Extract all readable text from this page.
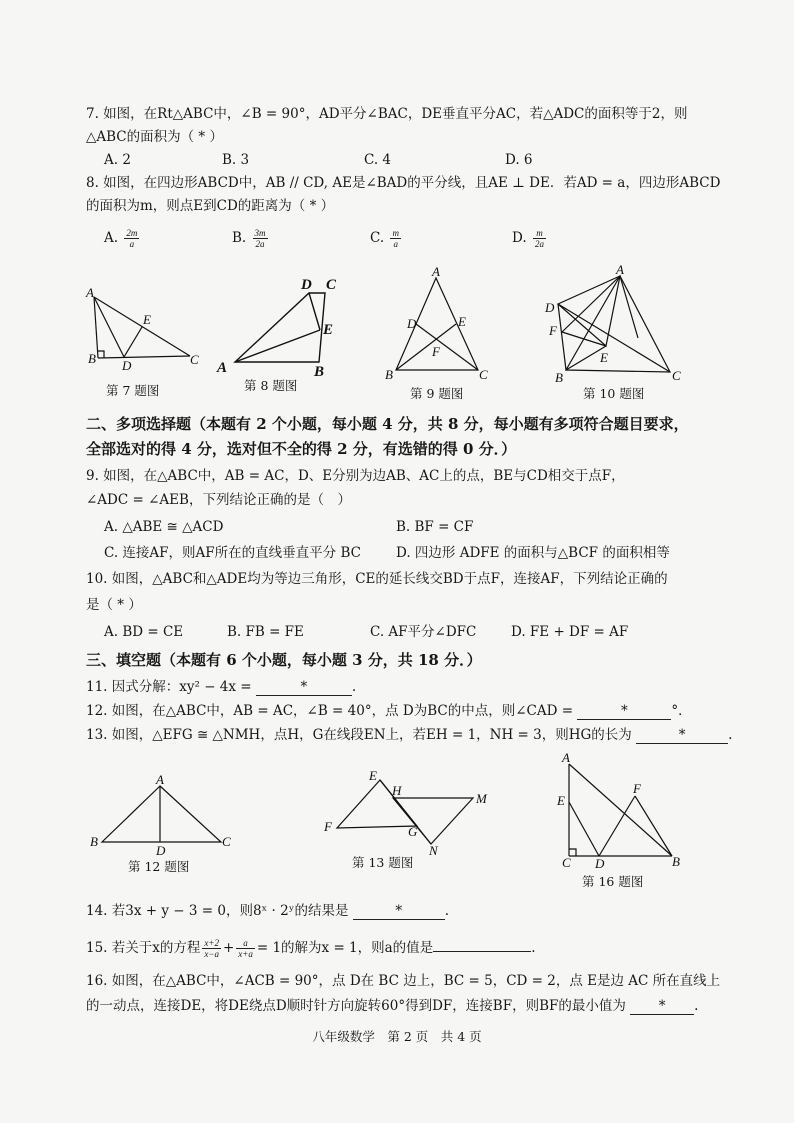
7. 如图，在Rt△ABC中，∠B = 90°，AD平分∠BAC，DE垂直平分AC，若△ADC的面积等于2，则
△ABC的面积为（ * ）
A. 2	B. 3	C. 4	D. 6
8. 如图，在四边形ABCD中，AB // CD, AE是∠BAD的平分线，且AE ⊥ DE．若AD = a，四边形ABCD
的面积为m，则点E到CD的距离为（ * ）
A. $\frac{2m}{a}$	B. $\frac{3m}{2a}$	C. $\frac{m}{a}$	D. $\frac{m}{2a}$
A
E
B D	C
D C
E
A	B
A
D	E
F
B	C
A
D
F
E
B	C
第 7 题图	第 8 题图
第 9 题图	第 10 题图
二、多项选择题（本题有 2 个小题，每小题 4 分，共 8 分，每小题有多项符合题目要求，
全部选对的得 4 分，选对但不全的得 2 分，有选错的得 0 分．）
9. 如图，在△ABC中，AB = AC，D、E分别为边AB、AC上的点，BE与CD相交于点F，
∠ADC = ∠AEB，下列结论正确的是（　）
A. △ABE ≅ △ACD	B. BF = CF
C. 连接AF，则AF所在的直线垂直平分 BC	D. 四边形 ADFE 的面积与△BCF 的面积相等
10. 如图，△ABC和△ADE均为等边三角形，CE的延长线交BD于点F，连接AF，下列结论正确的
是（ * ）
A. BD = CE	B. FB = FE	C. AF平分∠DFC	D. FE + DF = AF
三、填空题（本题有 6 个小题，每小题 3 分，共 18 分．）
11. 因式分解：xy² − 4x =	*	.
12. 如图，在△ABC中，AB = AC，∠B = 40°，点 D为BC的中点，则∠CAD =	*	°．
13. 如图，△EFG ≅ △NMH，点H，G在线段EN上，若EH = 1，NH = 3，则HG的长为	*	.
A
B
D
C
E
H
M
F	G
N
A
E
F
C D	B
第 12 题图	第 13 题图
第 16 题图
14. 若3x + y − 3 = 0，则8ˣ · 2ʸ的结果是	*	.
15. 若关于x的方程 $\frac{x+2}{x-a} + \frac{a}{x+a} = 1$的解为x = 1，则a的值是	.
16. 如图，在△ABC中，∠ACB = 90°，点 D在 BC 边上，BC = 5，CD = 2，点 E是边 AC 所在直线上
的一动点，连接DE，将DE绕点D顺时针方向旋转60°得到DF，连接BF，则BF的最小值为 * .
八年级数学　第 2 页　共 4 页
